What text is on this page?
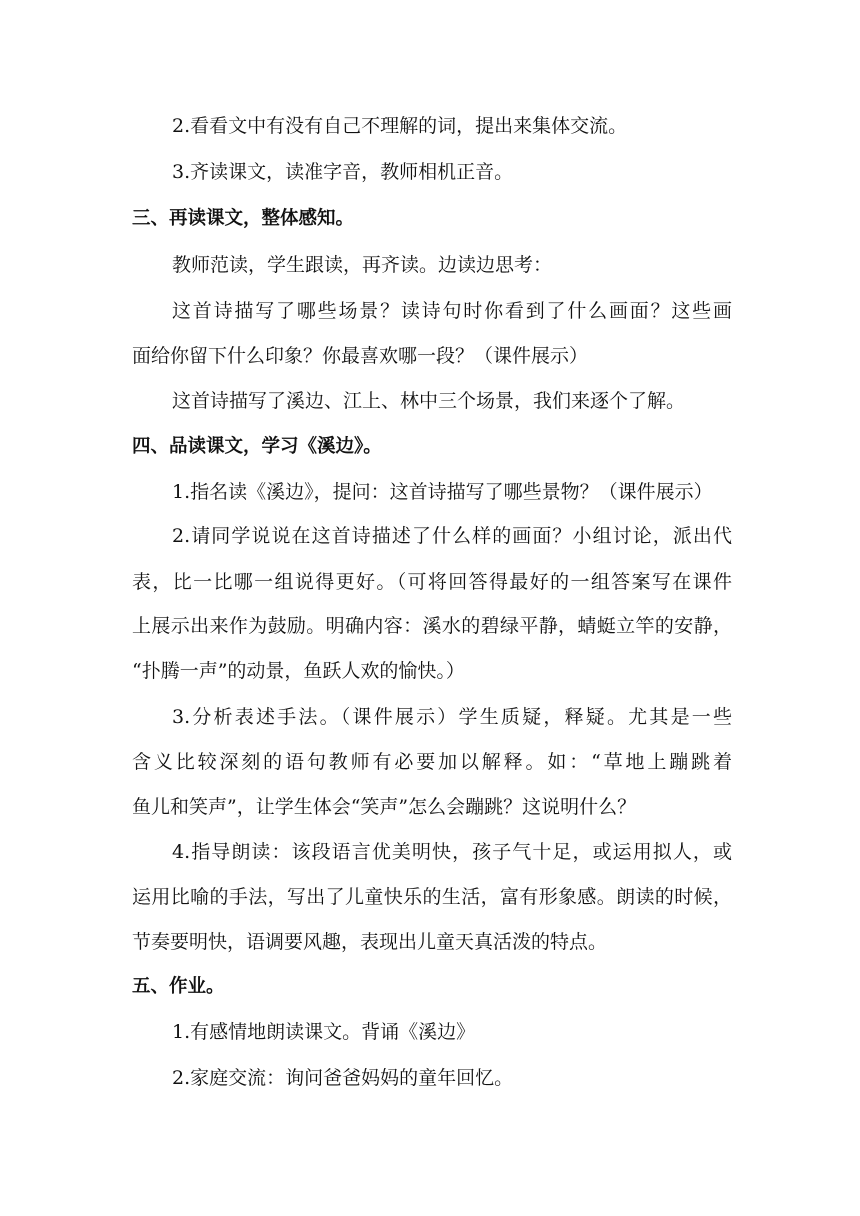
2.看看文中有没有自己不理解的词，提出来集体交流。
3.齐读课文，读准字音，教师相机正音。
三、再读课文，整体感知。
教师范读，学生跟读，再齐读。边读边思考：
这首诗描写了哪些场景？读诗句时你看到了什么画面？这些画
面给你留下什么印象？你最喜欢哪一段？（课件展示）
这首诗描写了溪边、江上、林中三个场景，我们来逐个了解。
四、品读课文，学习《溪边》。
1.指名读《溪边》，提问：这首诗描写了哪些景物？（课件展示）
2.请同学说说在这首诗描述了什么样的画面？小组讨论，派出代
表，比一比哪一组说得更好。（可将回答得最好的一组答案写在课件
上展示出来作为鼓励。明确内容：溪水的碧绿平静，蜻蜓立竿的安静，
“扑腾一声”的动景，鱼跃人欢的愉快。）
3.分析表述手法。（课件展示）学生质疑，释疑。尤其是一些
含义比较深刻的语句教师有必要加以解释。如：“草地上蹦跳着
鱼儿和笑声”，让学生体会“笑声”怎么会蹦跳？这说明什么？
4.指导朗读：该段语言优美明快，孩子气十足，或运用拟人，或
运用比喻的手法，写出了儿童快乐的生活，富有形象感。朗读的时候，
节奏要明快，语调要风趣，表现出儿童天真活泼的特点。
五、作业。
1.有感情地朗读课文。背诵《溪边》
2.家庭交流：询问爸爸妈妈的童年回忆。
